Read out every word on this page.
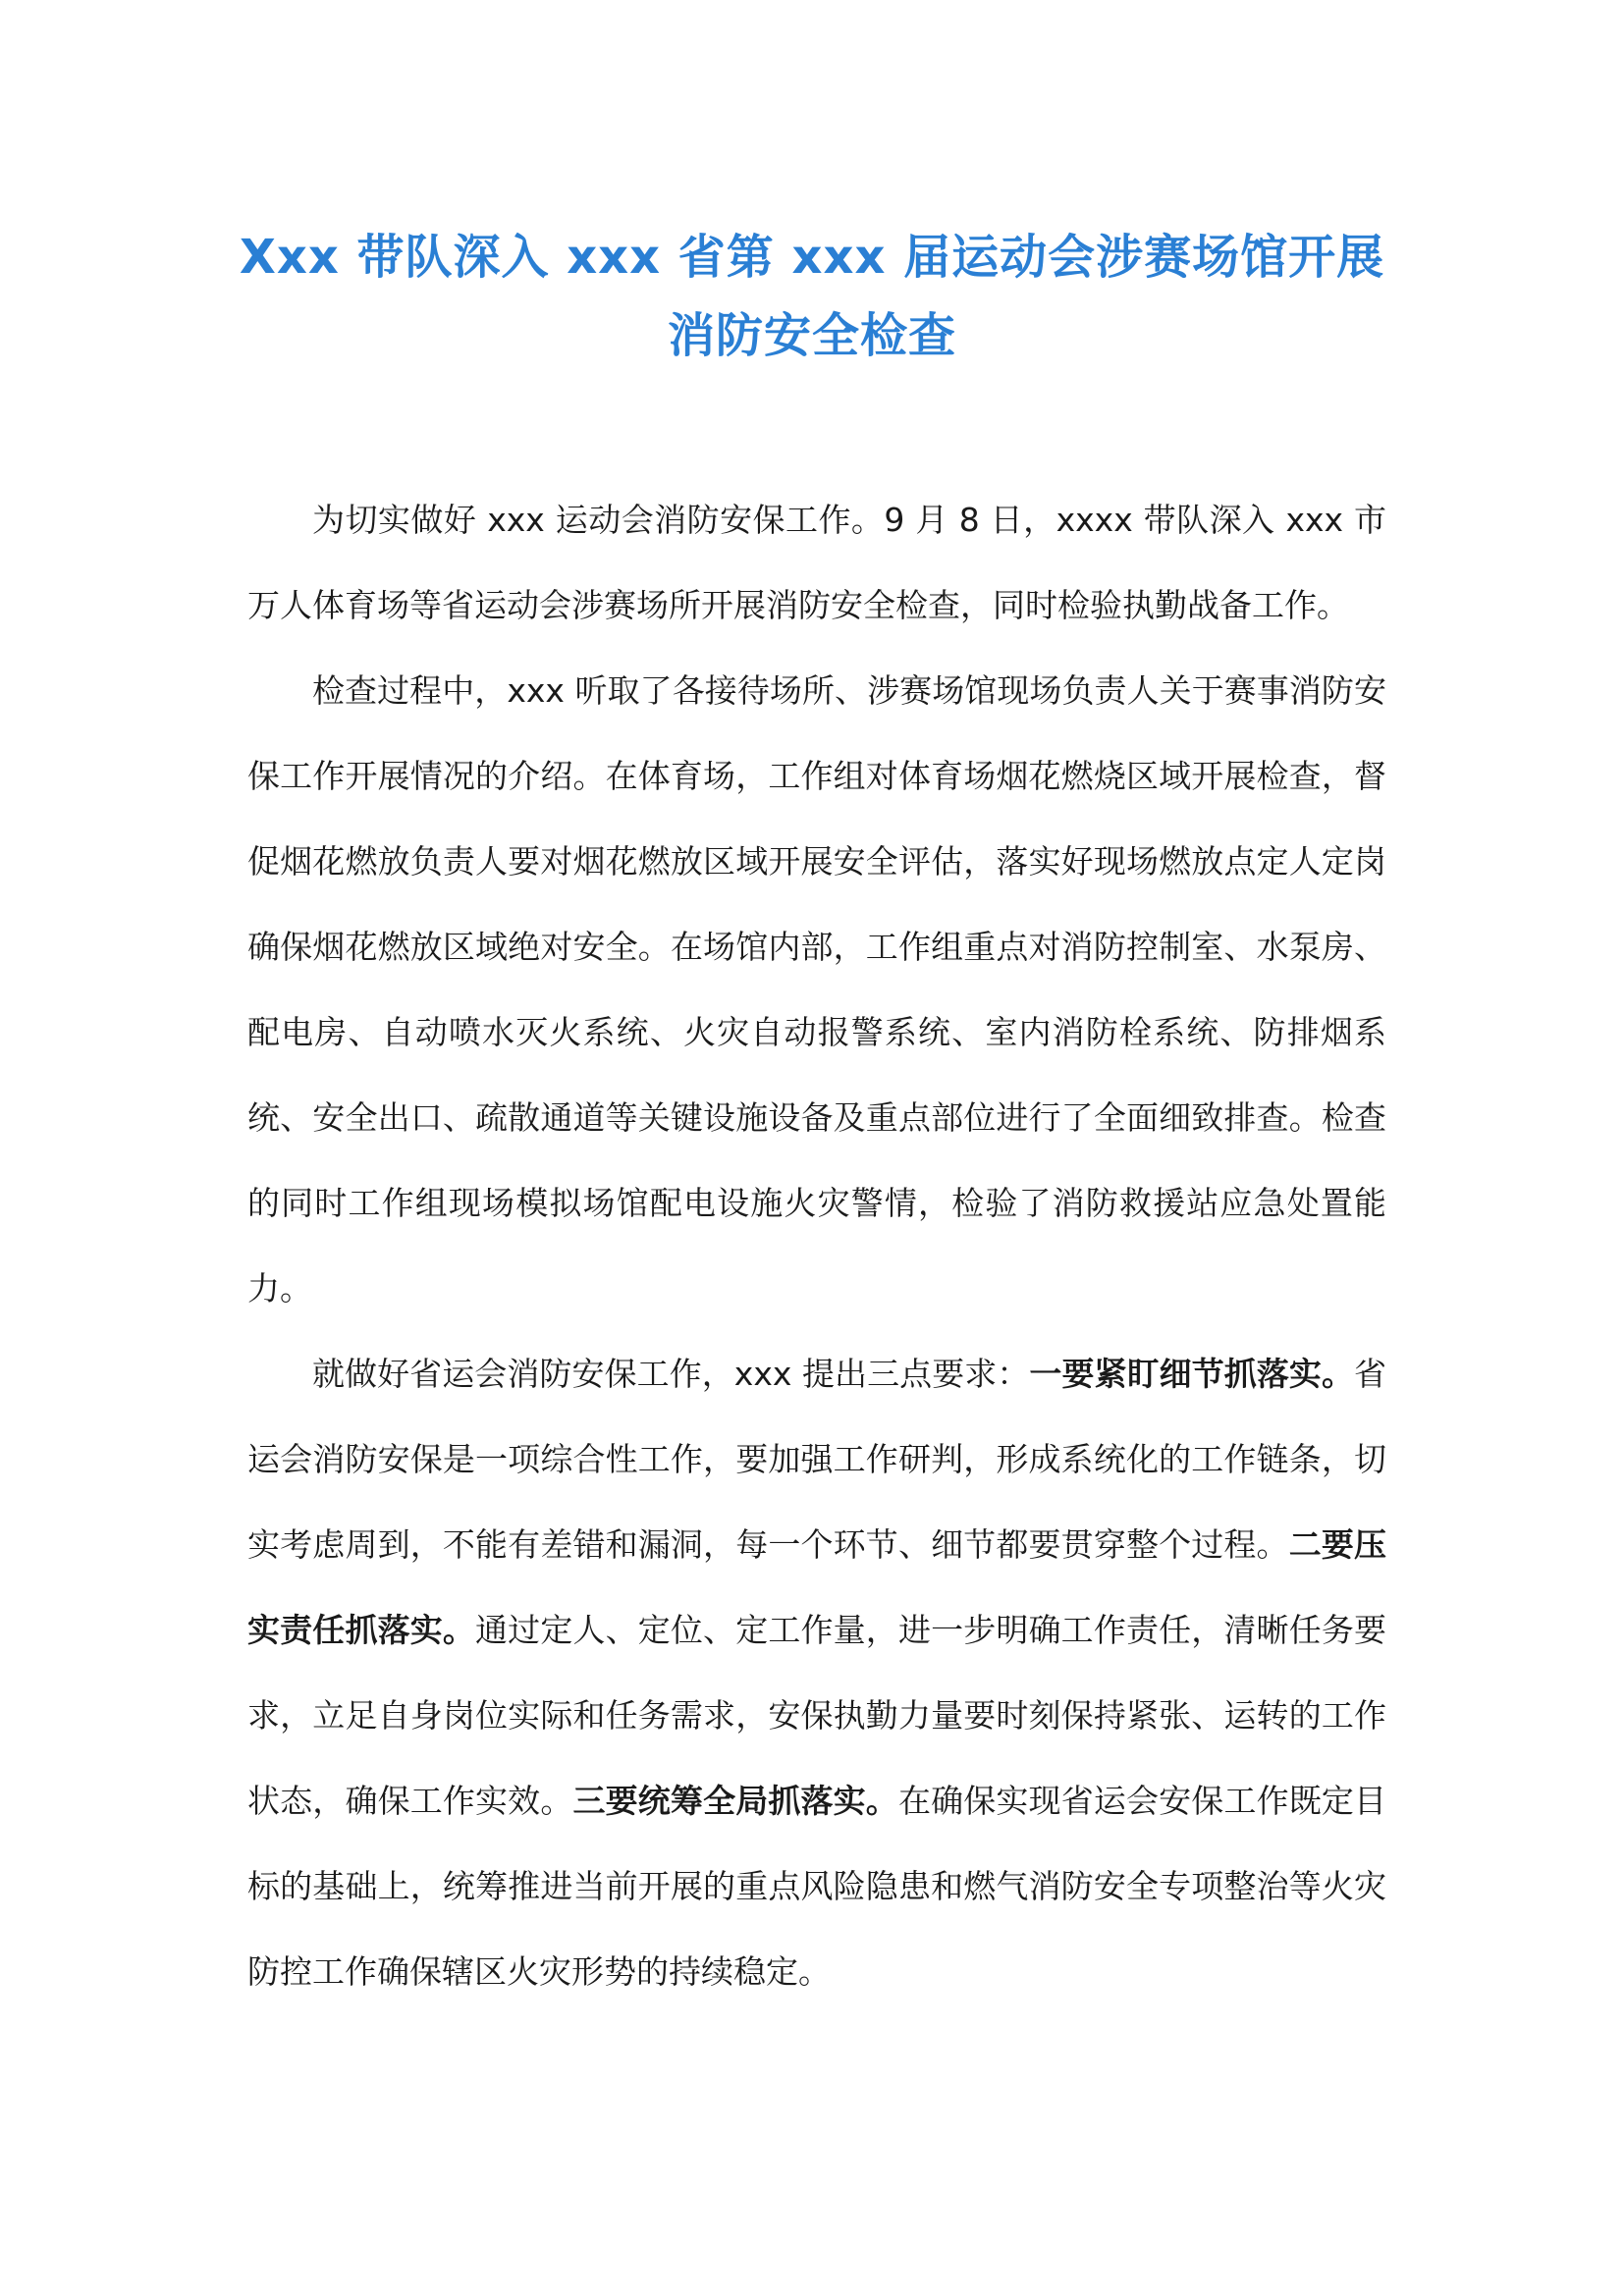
Xxx 带队深入 xxx 省第 xxx 届运动会涉赛场馆开展
消防安全检查

为切实做好 xxx 运动会消防安保工作。9 月 8 日，xxxx 带队深入 xxx 市万人体育场等省运动会涉赛场所开展消防安全检查，同时检验执勤战备工作。

检查过程中，xxx 听取了各接待场所、涉赛场馆现场负责人关于赛事消防安保工作开展情况的介绍。在体育场，工作组对体育场烟花燃烧区域开展检查，督促烟花燃放负责人要对烟花燃放区域开展安全评估，落实好现场燃放点定人定岗确保烟花燃放区域绝对安全。在场馆内部，工作组重点对消防控制室、水泵房、配电房、自动喷水灭火系统、火灾自动报警系统、室内消防栓系统、防排烟系统、安全出口、疏散通道等关键设施设备及重点部位进行了全面细致排查。检查的同时工作组现场模拟场馆配电设施火灾警情，检验了消防救援站应急处置能力。

就做好省运会消防安保工作，xxx 提出三点要求：一要紧盯细节抓落实。省运会消防安保是一项综合性工作，要加强工作研判，形成系统化的工作链条，切实考虑周到，不能有差错和漏洞，每一个环节、细节都要贯穿整个过程。二要压实责任抓落实。通过定人、定位、定工作量，进一步明确工作责任，清晰任务要求，立足自身岗位实际和任务需求，安保执勤力量要时刻保持紧张、运转的工作状态，确保工作实效。三要统筹全局抓落实。在确保实现省运会安保工作既定目标的基础上，统筹推进当前开展的重点风险隐患和燃气消防安全专项整治等火灾防控工作确保辖区火灾形势的持续稳定。
